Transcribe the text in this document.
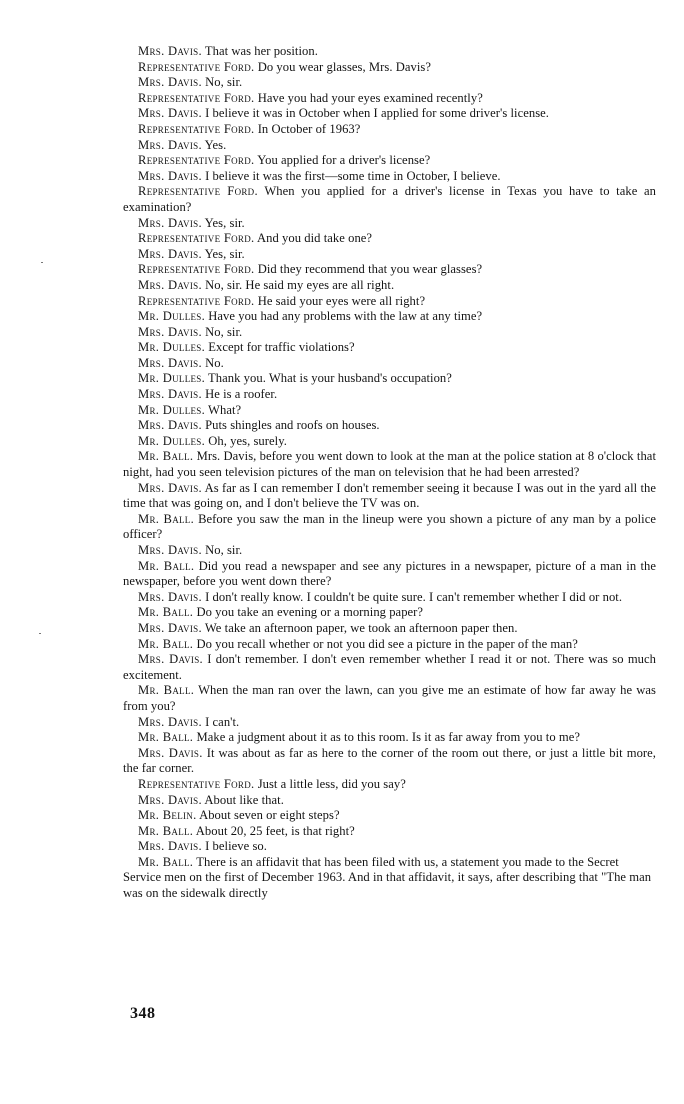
Mrs. Davis. That was her position.

Representative Ford. Do you wear glasses, Mrs. Davis?

Mrs. Davis. No, sir.

Representative Ford. Have you had your eyes examined recently?

Mrs. Davis. I believe it was in October when I applied for some driver's license.

Representative Ford. In October of 1963?

Mrs. Davis. Yes.

Representative Ford. You applied for a driver's license?

Mrs. Davis. I believe it was the first—some time in October, I believe.

Representative Ford. When you applied for a driver's license in Texas you have to take an examination?

Mrs. Davis. Yes, sir.

Representative Ford. And you did take one?

Mrs. Davis. Yes, sir.

Representative Ford. Did they recommend that you wear glasses?

Mrs. Davis. No, sir. He said my eyes are all right.

Representative Ford. He said your eyes were all right?

Mr. Dulles. Have you had any problems with the law at any time?

Mrs. Davis. No, sir.

Mr. Dulles. Except for traffic violations?

Mrs. Davis. No.

Mr. Dulles. Thank you. What is your husband's occupation?

Mrs. Davis. He is a roofer.

Mr. Dulles. What?

Mrs. Davis. Puts shingles and roofs on houses.

Mr. Dulles. Oh, yes, surely.

Mr. Ball. Mrs. Davis, before you went down to look at the man at the police station at 8 o'clock that night, had you seen television pictures of the man on television that he had been arrested?

Mrs. Davis. As far as I can remember I don't remember seeing it because I was out in the yard all the time that was going on, and I don't believe the TV was on.

Mr. Ball. Before you saw the man in the lineup were you shown a picture of any man by a police officer?

Mrs. Davis. No, sir.

Mr. Ball. Did you read a newspaper and see any pictures in a newspaper, picture of a man in the newspaper, before you went down there?

Mrs. Davis. I don't really know. I couldn't be quite sure. I can't remember whether I did or not.

Mr. Ball. Do you take an evening or a morning paper?

Mrs. Davis. We take an afternoon paper, we took an afternoon paper then.

Mr. Ball. Do you recall whether or not you did see a picture in the paper of the man?

Mrs. Davis. I don't remember. I don't even remember whether I read it or not. There was so much excitement.

Mr. Ball. When the man ran over the lawn, can you give me an estimate of how far away he was from you?

Mrs. Davis. I can't.

Mr. Ball. Make a judgment about it as to this room. Is it as far away from you to me?

Mrs. Davis. It was about as far as here to the corner of the room out there, or just a little bit more, the far corner.

Representative Ford. Just a little less, did you say?

Mrs. Davis. About like that.

Mr. Belin. About seven or eight steps?

Mr. Ball. About 20, 25 feet, is that right?

Mrs. Davis. I believe so.

Mr. Ball. There is an affidavit that has been filed with us, a statement you made to the Secret Service men on the first of December 1963. And in that affidavit, it says, after describing that "The man was on the sidewalk directly

348
